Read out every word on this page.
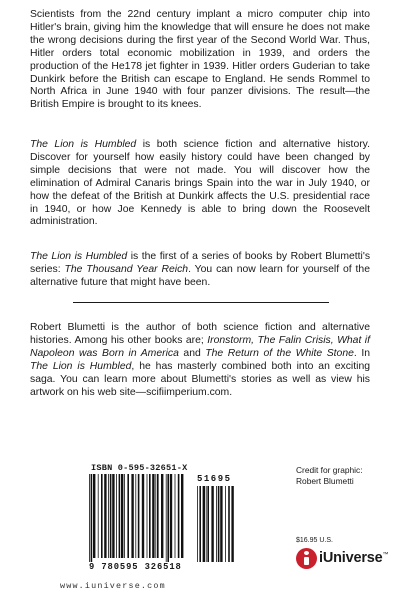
Scientists from the 22nd century implant a micro computer chip into Hitler's brain, giving him the knowledge that will ensure he does not make the wrong decisions during the first year of the Second World War. Thus, Hitler orders total economic mobilization in 1939, and orders the production of the He178 jet fighter in 1939. Hitler orders Guderian to take Dunkirk before the British can escape to England. He sends Rommel to North Africa in June 1940 with four panzer divisions. The result—the British Empire is brought to its knees.

The Lion is Humbled is both science fiction and alternative history. Discover for yourself how easily history could have been changed by simple decisions that were not made. You will discover how the elimination of Admiral Canaris brings Spain into the war in July 1940, or how the defeat of the British at Dunkirk affects the U.S. presidential race in 1940, or how Joe Kennedy is able to bring down the Roosevelt administration.

The Lion is Humbled is the first of a series of books by Robert Blumetti's series: The Thousand Year Reich. You can now learn for yourself of the alternative future that might have been.

Robert Blumetti is the author of both science fiction and alternative histories. Among his other books are; Ironstorm, The Falin Crisis, What if Napoleon was Born in America and The Return of the White Stone. In The Lion is Humbled, he has masterly combined both into an exciting saga. You can learn more about Blumetti's stories as well as view his artwork on his web site—scifiimperium.com.

Credit for graphic:
Robert Blumetti
ISBN 0-595-32651-X
51695
9 780595 326518
$16.95 U.S.
iUniverse™
www.iuniverse.com
